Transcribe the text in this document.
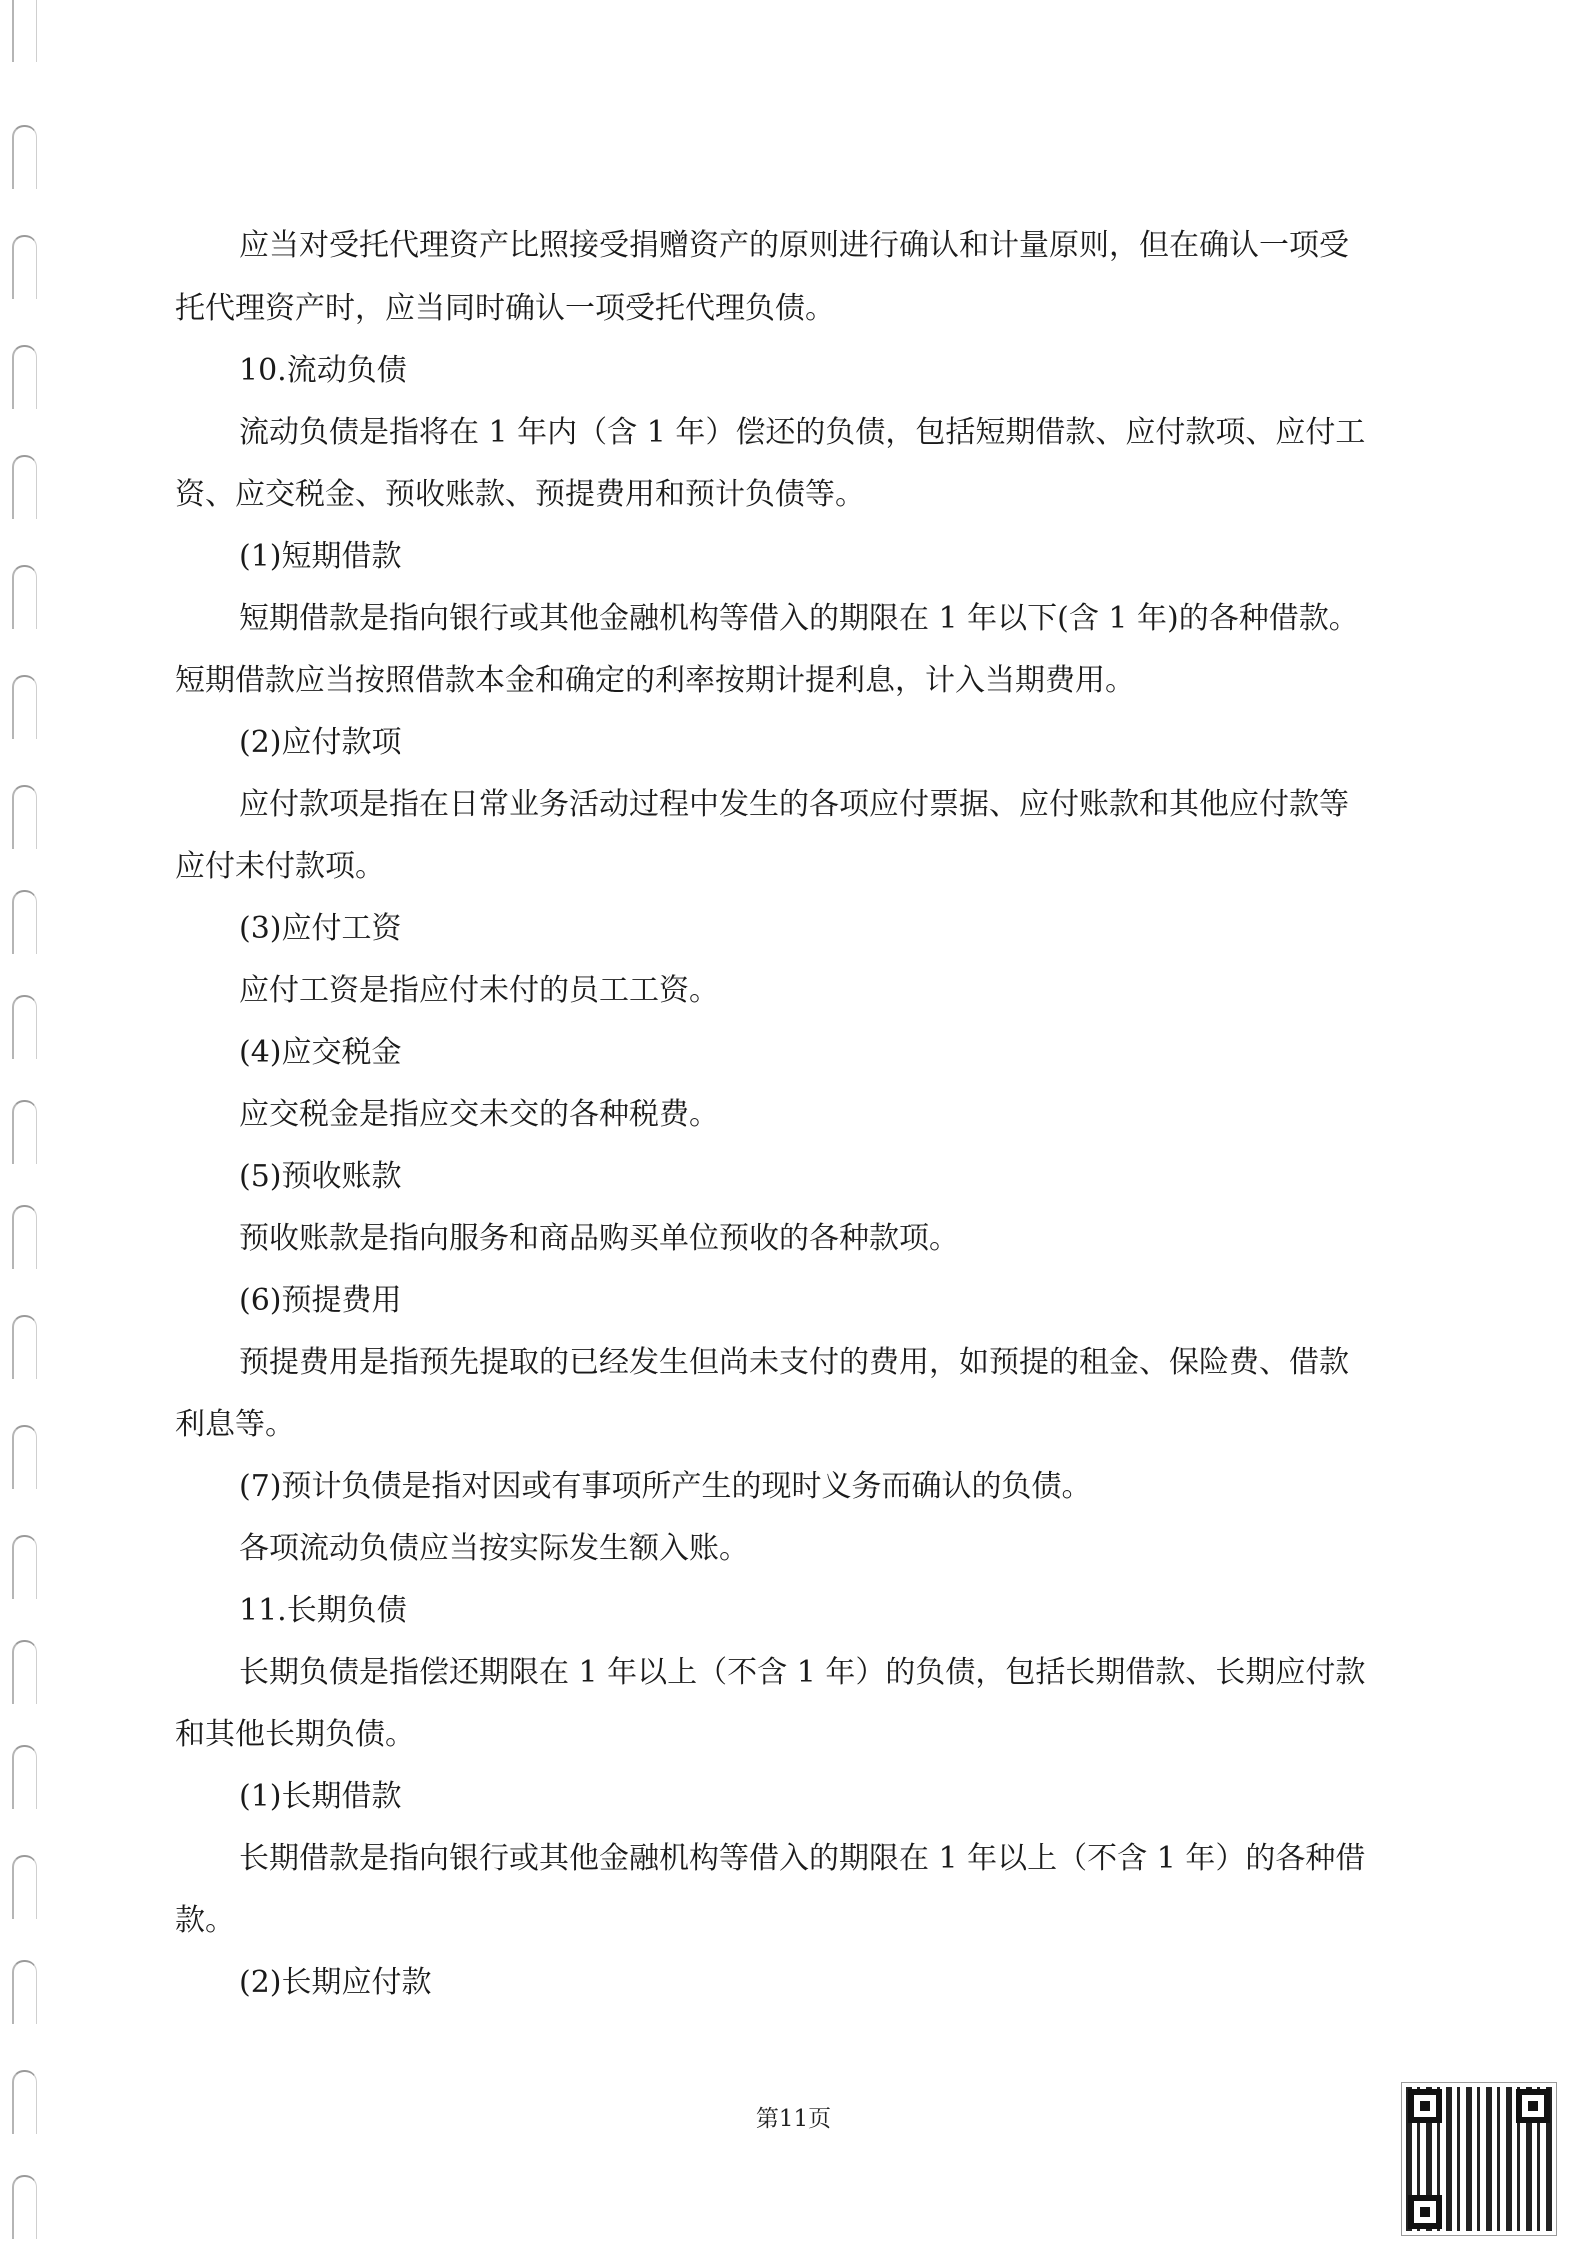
应当对受托代理资产比照接受捐赠资产的原则进行确认和计量原则，但在确认一项受

托代理资产时，应当同时确认一项受托代理负债。

10.流动负债

流动负债是指将在 1 年内（含 1 年）偿还的负债，包括短期借款、应付款项、应付工

资、应交税金、预收账款、预提费用和预计负债等。

(1)短期借款

短期借款是指向银行或其他金融机构等借入的期限在 1 年以下(含 1 年)的各种借款。

短期借款应当按照借款本金和确定的利率按期计提利息，计入当期费用。

(2)应付款项

应付款项是指在日常业务活动过程中发生的各项应付票据、应付账款和其他应付款等

应付未付款项。

(3)应付工资

应付工资是指应付未付的员工工资。

(4)应交税金

应交税金是指应交未交的各种税费。

(5)预收账款

预收账款是指向服务和商品购买单位预收的各种款项。

(6)预提费用

预提费用是指预先提取的已经发生但尚未支付的费用，如预提的租金、保险费、借款

利息等。

(7)预计负债是指对因或有事项所产生的现时义务而确认的负债。

各项流动负债应当按实际发生额入账。

11.长期负债

长期负债是指偿还期限在 1 年以上（不含 1 年）的负债，包括长期借款、长期应付款

和其他长期负债。

(1)长期借款

长期借款是指向银行或其他金融机构等借入的期限在 1 年以上（不含 1 年）的各种借

款。

(2)长期应付款

第11页
